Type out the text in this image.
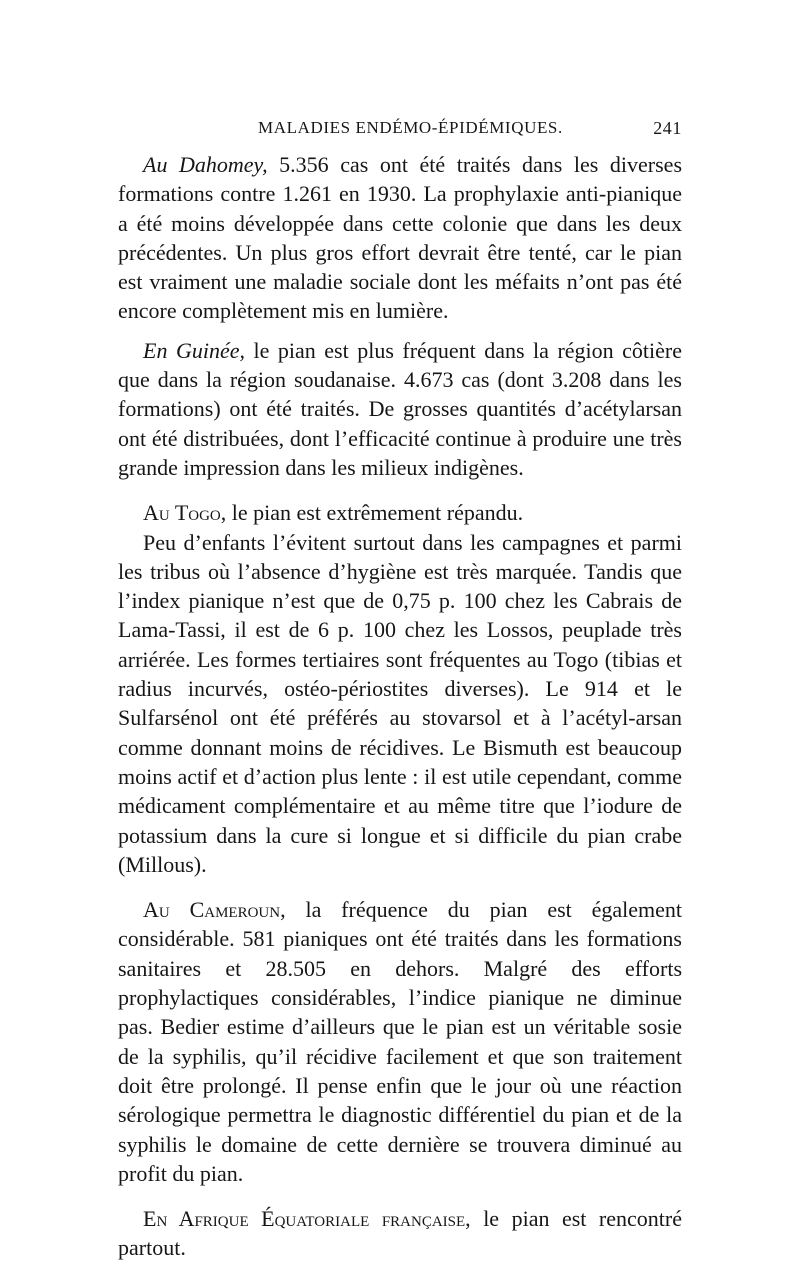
MALADIES ENDÉMO-ÉPIDÉMIQUES.	241

Au Dahomey, 5.356 cas ont été traités dans les diverses formations contre 1.261 en 1930. La prophylaxie anti-pianique a été moins développée dans cette colonie que dans les deux précédentes. Un plus gros effort devrait être tenté, car le pian est vraiment une maladie sociale dont les méfaits n’ont pas été encore complètement mis en lumière.

En Guinée, le pian est plus fréquent dans la région côtière que dans la région soudanaise. 4.673 cas (dont 3.208 dans les formations) ont été traités. De grosses quantités d’acétylarsan ont été distribuées, dont l’efficacité continue à produire une très grande impression dans les milieux indigènes.

Au Togo, le pian est extrêmement répandu.

Peu d’enfants l’évitent surtout dans les campagnes et parmi les tribus où l’absence d’hygiène est très marquée. Tandis que l’index pianique n’est que de 0,75 p. 100 chez les Cabrais de Lama-Tassi, il est de 6 p. 100 chez les Lossos, peuplade très arriérée. Les formes tertiaires sont fréquentes au Togo (tibias et radius incurvés, ostéo-périostites diverses). Le 914 et le Sulfarsénol ont été préférés au stovarsol et à l’acétyl-arsan comme donnant moins de récidives. Le Bismuth est beaucoup moins actif et d’action plus lente : il est utile cependant, comme médicament complémentaire et au même titre que l’iodure de potassium dans la cure si longue et si difficile du pian crabe (Millous).

Au Cameroun, la fréquence du pian est également considérable. 581 pianiques ont été traités dans les formations sanitaires et 28.505 en dehors. Malgré des efforts prophylactiques considérables, l’indice pianique ne diminue pas. Bedier estime d’ailleurs que le pian est un véritable sosie de la syphilis, qu’il récidive facilement et que son traitement doit être prolongé. Il pense enfin que le jour où une réaction sérologique permettra le diagnostic différentiel du pian et de la syphilis le domaine de cette dernière se trouvera diminué au profit du pian.

En Afrique Équatoriale française, le pian est rencontré partout.
